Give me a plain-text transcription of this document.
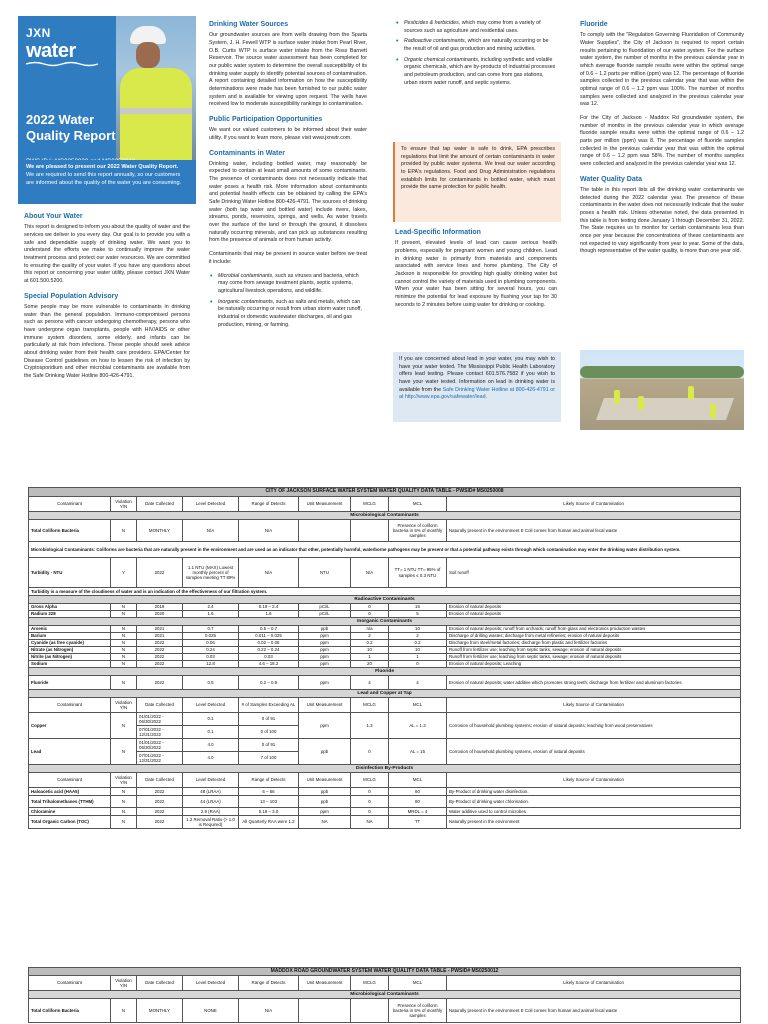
JXN
water
2022 Water
Quality Report
We are pleased to present our 2022 Water Quality Report. We are required to send this report annually, so our customers are informed about the quality of the water you are consuming.
About Your Water

This report is designed to inform you about the quality of water and the services we deliver to you every day. Our goal is to provide you with a safe and dependable supply of drinking water. We want you to understand the efforts we make to continually improve the water treatment process and protect our water resources. We are committed to ensuring the quality of your water. If you have any questions about this report or concerning your water utility, please contact JXN Water at 601.500.5200.

Special Population Advisory

Some people may be more vulnerable to contaminants in drinking water than the general population. Immuno-compromised persons such as persons with cancer undergoing chemotherapy, persons who have undergone organ transplants, people with HIV/AIDS or other immune system disorders, some elderly, and infants can be particularly at risk from infections. These people should seek advice about drinking water from their health care providers. EPA/Center for Disease Control guidelines on how to lessen the risk of infection by Cryptosporidium and other microbial contaminants are available from the Safe Drinking Water Hotline 800-426-4791.

Drinking Water Sources

Our groundwater sources are from wells drawing from the Sparta System, J. H. Fewell WTP is surface water intake from Pearl River, O.B. Curtis WTP is surface water intake from the Ross Barnett Reservoir. The source water assessment has been completed for our public water system to determine the overall susceptibility of its drinking water supply to identify potential sources of contamination. A report containing detailed information on how the susceptibility determinations were made has been furnished to our public water system and is available for viewing upon request. The wells have received low to moderate susceptibility rankings to contamination.

Public Participation Opportunities

We want our valued customers to be informed about their water utility. If you want to learn more, please visit www.jxnwtr.com.

Contaminants in Water

Drinking water, including bottled water, may reasonably be expected to contain at least small amounts of some contaminants. The presence of contaminants does not necessarily indicate that water poses a health risk. More information about contaminants and potential health effects can be obtained by calling the EPA's Safe Drinking Water Hotline 800-426-4791. The sources of drinking water (both tap water and bottled water) include rivers, lakes, streams, ponds, reservoirs, springs, and wells. As water travels over the surface of the land or through the ground, it dissolves naturally occurring minerals, and can pick up substances resulting from the presence of animals or from human activity.

Contaminants that may be present in source water before we treat it include:

• Microbial contaminants, such as viruses and bacteria, which may come from sewage treatment plants, septic systems, agricultural livestock operations, and wildlife.
• Inorganic contaminants, such as salts and metals, which can be naturally occurring or result from urban storm water runoff, industrial or domestic wastewater discharges, oil and gas production, mining, or farming.
• Pesticides & herbicides, which may come from a variety of sources such as agriculture and residential uses.
• Radioactive contaminants, which are naturally occurring or be the result of oil and gas production and mining activities.
• Organic chemical contaminants, including synthetic and volatile organic chemicals, which are by-products of industrial processes and petroleum production, and can come from gas stations, urban storm water runoff, and septic systems.

To ensure that tap water is safe to drink, EPA prescribes regulations that limit the amount of certain contaminants in water provided by public water systems. We treat our water according to EPA's regulations. Food and Drug Administration regulations establish limits for contaminants in bottled water, which must provide the same protection for public health.

Lead-Specific Information

If present, elevated levels of lead can cause serious health problems, especially for pregnant women and young children. Lead in drinking water is primarily from materials and components associated with service lines and home plumbing. The City of Jackson is responsible for providing high quality drinking water but cannot control the variety of materials used in plumbing components. When your water has been sitting for several hours, you can minimize the potential for lead exposure by flushing your tap for 30 seconds to 2 minutes before using water for drinking or cooking.

If you are concerned about lead in your water, you may wish to have your water tested. The Mississippi Public Health Laboratory offers lead testing. Please contact 601.576.7582 if you wish to have your water tested. Information on lead in drinking water is available from the Safe Drinking Water Hotline at 800-426-4791 or at http://www.epa.gov/safewater/lead.

Fluoride

To comply with the "Regulation Governing Fluoridation of Community Water Supplies", the City of Jackson is required to report certain results pertaining to fluoridation of our water system. For the surface water system, the number of months in the previous calendar year in which average fluoride sample results were within the optimal range of 0.6 – 1.2 parts per million (ppm) was 12. The percentage of fluoride samples collected in the previous calendar year that was within the optimal range of 0.6 – 1.2 ppm was 100%. The number of months samples were collected and analyzed in the previous calendar year was 12.

For the City of Jackson - Maddox Rd groundwater system, the number of months in the previous calendar year in which average fluoride sample results were within the optimal range of 0.6 – 1.2 parts per million (ppm) was 8. The percentage of fluoride samples collected in the previous calendar year that was within the optimal range of 0.6 – 1.2 ppm was 58%. The number of months samples were collected and analyzed in the previous calendar year was 12.

Water Quality Data

The table in this report lists all the drinking water contaminants we detected during the 2022 calendar year. The presence of these contaminants in the water does not necessarily indicate that the water poses a health risk. Unless otherwise noted, the data presented in this table is from testing done January 1 through December 31, 2022. The State requires us to monitor for certain contaminants less than once per year because the concentrations of these contaminants are not expected to vary significantly from year to year. Some of the data, though representative of the water quality, is more than one year old.

CITY OF JACKSON SURFACE WATER SYSTEM WATER QUALITY DATA TABLE - PWSID# MS0250008								
Contaminant	Violation Y/N	Date Collected	Level Detected	Range of Detects	Unit Measurement	MCLG	MCL	Likely Source of Contamination
Microbiological Contaminants								
Total Coliform Bacteria	N	MONTHLY	N/A	N/A			Presence of coliform bacteria in 5% of monthly samples	Naturally present in the environment E Coli comes from human and animal fecal waste
Microbiological Contaminants: Coliforms are bacteria that are naturally present in the environment and are used as an indicator that other, potentially harmful, waterborne pathogens may be present or that a potential pathway exists through which contamination may enter the drinking water distribution system.								
Turbidity - NTU	Y	2022	1.1 NTU (MAX) Lowest monthly percent of samples meeting TT 89%	N/A	NTU	N/A	TT= 1 NTU TT= 95% of samples ≤ 0.3 NTU	Soil runoff
Turbidity is a measure of the cloudiness of water and is an indication of the effectiveness of our filtration system.								
Radioactive Contaminants								
Gross Alpha	N	2019	2.4	0.19 – 2.4	pCi/L	0	15	Erosion of natural deposits
Radium 228	N	2020	1.6	1.6	pCi/L	0	5	Erosion of natural deposits
Inorganic Contaminants								
Arsenic	N	2021	0.7	0.5 – 0.7	ppb	n/a	10	Erosion of natural deposits; runoff from orchards; runoff from glass and electronics production wastes
Barium	N	2021	0.025	0.011 – 0.025	ppm	2	2	Discharge of drilling wastes; discharge from metal refineries; erosion of natural deposits
Cyanide (as free cyanide)	N	2022	0.06	0.02 – 0.06	ppm	0.2	0.2	Discharge from steel/metal factories; discharge from plastic and fertilizer factories
Nitrate (as Nitrogen)	N	2022	0.24	0.22 – 0.24	ppm	10	10	Runoff from fertilizer use; leaching from septic tanks, sewage; erosion of natural deposits
Nitrite (as Nitrogen)	N	2022	0.03	0.03	ppm	1	1	Runoff from fertilizer use; leaching from septic tanks, sewage; erosion of natural deposits
Sodium	N	2022	12.8	4.6 – 18.2	ppm	20	0	Erosion of natural deposits; Leaching
Fluoride								
Fluoride	N	2022	0.5	0.2 – 0.9	ppm	4	4	Erosion of natural deposits; water additive which promotes strong teeth; discharge from fertilizer and aluminum factories
Lead and Copper at Tap								
Contaminant	Violation Y/N	Date Collected	Level Detected	# of Samples Exceeding AL	Unit Measurement	MCLG	MCL	Likely Source of Contamination
Copper	N	01/01/2022 - 06/30/2022	0.1	0 of 91	ppm	1.3	AL = 1.3	Corrosion of household plumbing systems; erosion of natural deposits; leaching from wood preservatives
		07/01/2022 - 12/31/2022	0.1	0 of 100				
Lead	N	01/01/2022 - 06/30/2022	4.0	0 of 91	ppb	0	AL = 15	Corrosion of household plumbing systems, erosion of natural deposits
		07/01/2022 - 12/31/2022	4.0	7 of 100				
Disinfection By-Products								
Contaminant	Violation Y/N	Date Collected	Level Detected	Range of Detects	Unit Measurement	MCLG	MCL	Likely Source of Contamination
Haloacetic acid (HAA5)	N	2022	48 (LRAA)	6 – 56	ppb	0	60	By-Product of drinking water disinfection.
Total Trihalomethanes (TTHM)	N	2022	44 (LRAA)	13 – 103	ppb	0	80	By-Product of drinking water chlorination.
Chloramine	N	2022	2.9 (RAA)	0.18 – 3.0	ppm	0	MRDL = 4	Water additive used to control microbes
Total Organic Carbon (TOC)	N	2022	1.2 Removal Ratio (> 1.0 is Required)	All Quarterly RAA were 1.2	NA	NA	TT	Naturally present in the environment
MADDOX ROAD GROUNDWATER SYSTEM WATER QUALITY DATA TABLE - PWSID# MS0250012								
Contaminant	Violation Y/N	Date Collected	Level Detected	Range of Detects	Unit Measurement	MCLG	MCL	Likely Source of Contamination
Microbiological Contaminants								
Total Coliform Bacteria	N	MONTHLY	NONE	N/A			Presence of coliform bacteria in 5% of monthly samples	Naturally present in the environment E Coli comes from human and animal fecal waste
